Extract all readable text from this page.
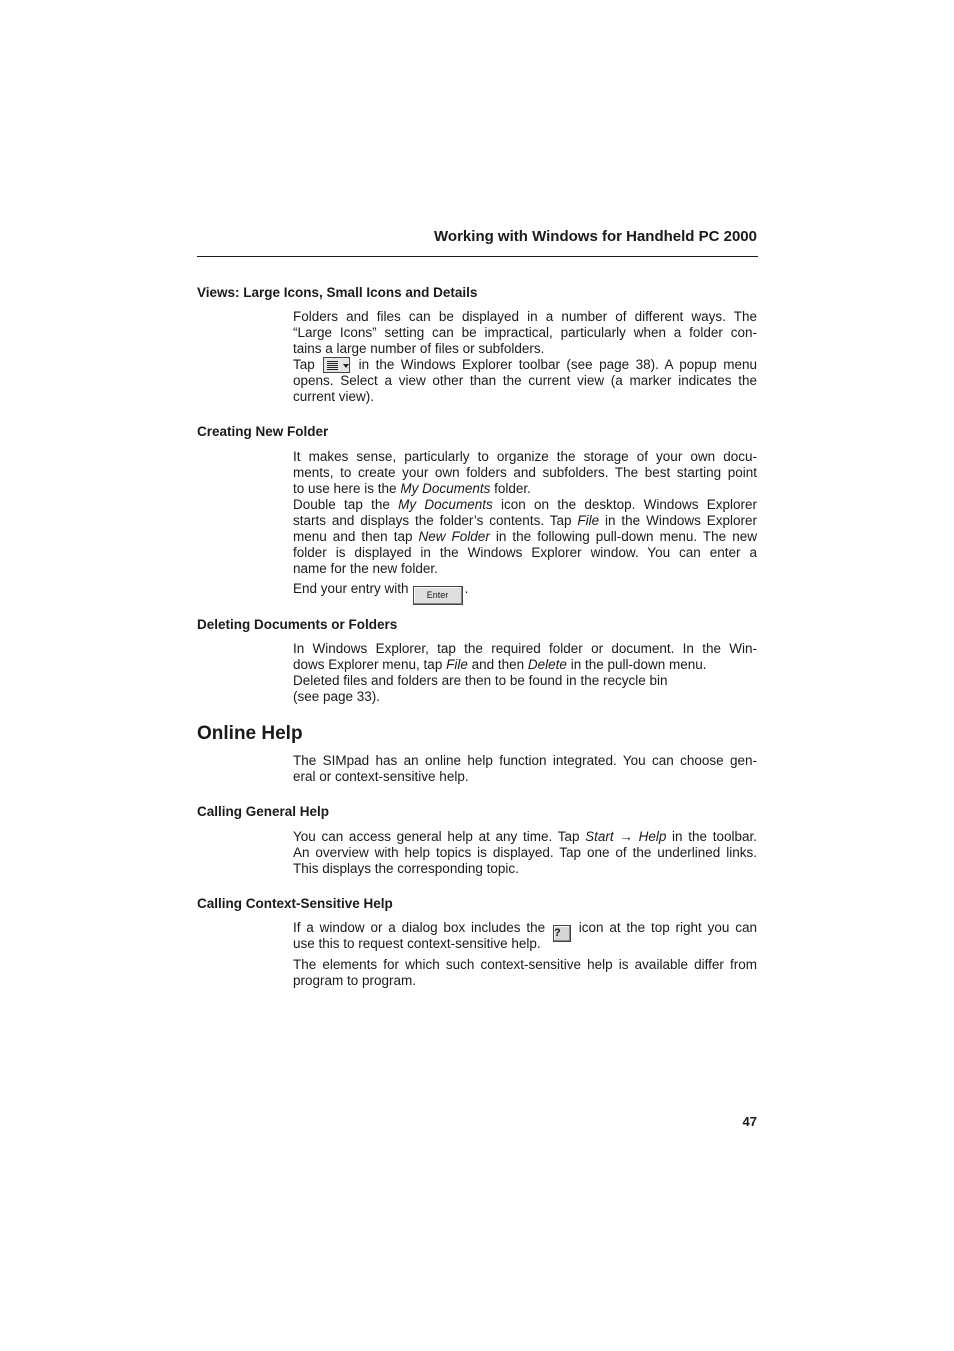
Working with Windows for Handheld PC 2000
Views: Large Icons, Small Icons and Details
Folders and files can be displayed in a number of different ways. The
“Large Icons” setting can be impractical, particularly when a folder con-
tains a large number of files or subfolders.
Tap	in the Windows Explorer toolbar (see page 38). A popup menu
opens. Select a view other than the current view (a marker indicates the
current view).
Creating New Folder
It makes sense, particularly to organize the storage of your own docu-
ments, to create your own folders and subfolders. The best starting point
to use here is the My Documents folder.
Double tap the My Documents icon on the desktop. Windows Explorer
starts and displays the folder’s contents. Tap File in the Windows Explorer
menu and then tap New Folder in the following pull-down menu. The new
folder is displayed in the Windows Explorer window. You can enter a
name for the new folder.
End your entry with Enter .
Deleting Documents or Folders
In Windows Explorer, tap the required folder or document. In the Win-
dows Explorer menu, tap File and then Delete in the pull-down menu.
Deleted files and folders are then to be found in the recycle bin
(see page 33).
Online Help
The SIMpad has an online help function integrated. You can choose gen-
eral or context-sensitive help.
Calling General Help
You can access general help at any time. Tap Start → Help in the toolbar.
An overview with help topics is displayed. Tap one of the underlined links.
This displays the corresponding topic.
Calling Context-Sensitive Help
If a window or a dialog box includes the ? icon at the top right you can
use this to request context-sensitive help.
The elements for which such context-sensitive help is available differ from
program to program.
47
